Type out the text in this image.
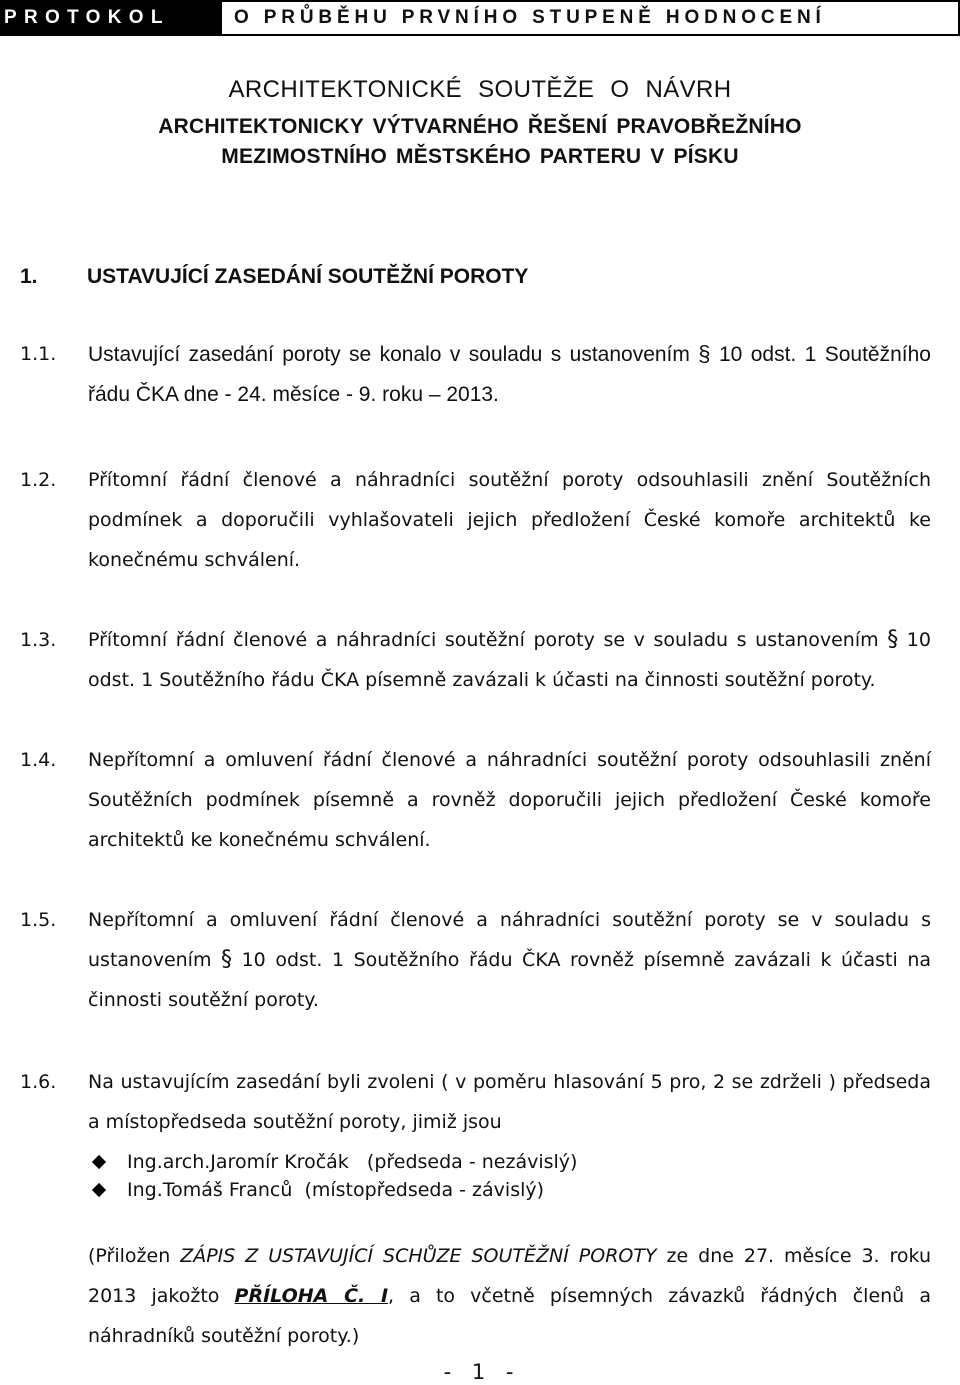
PROTOKOL	O PRŮBĚHU PRVNÍHO STUPENĚ HODNOCENÍ
ARCHITEKTONICKÉ SOUTĚŽE O NÁVRH
ARCHITEKTONICKY VÝTVARNÉHO ŘEŠENÍ PRAVOBŘEŽNÍHO
MEZIMOSTNÍHO MĚSTSKÉHO PARTERU V PÍSKU
1.	USTAVUJÍCÍ ZASEDÁNÍ SOUTĚŽNÍ POROTY
1.1.	Ustavující zasedání poroty se konalo v souladu s ustanovením § 10 odst. 1 Soutěžního řádu ČKA dne - 24. měsíce - 9. roku – 2013.
1.2.	Přítomní řádní členové a náhradníci soutěžní poroty odsouhlasili znění Soutěžních podmínek a doporučili vyhlašovateli jejich předložení České komoře architektů ke konečnému schválení.
1.3.	Přítomní řádní členové a náhradníci soutěžní poroty se v souladu s ustanovením § 10 odst. 1 Soutěžního řádu ČKA písemně zavázali k účasti na činnosti soutěžní poroty.
1.4.	Nepřítomní a omluvení řádní členové a náhradníci soutěžní poroty odsouhlasili znění Soutěžních podmínek písemně a rovněž doporučili jejich předložení České komoře architektů ke konečnému schválení.
1.5.	Nepřítomní a omluvení řádní členové a náhradníci soutěžní poroty se v souladu s ustanovením § 10 odst. 1 Soutěžního řádu ČKA rovněž písemně zavázali k účasti na činnosti soutěžní poroty.
1.6.	Na ustavujícím zasedání byli zvoleni ( v poměru hlasování 5 pro, 2 se zdrželi ) předseda a místopředseda soutěžní poroty, jimiž jsou
Ing.arch.Jaromír Kročák   (předseda - nezávislý)
Ing.Tomáš Franců  (místopředseda - závislý)
(Přiložen ZÁPIS Z USTAVUJÍCÍ SCHŮZE SOUTĚŽNÍ POROTY ze dne 27. měsíce 3. roku 2013 jakožto PŘÍLOHA Č. I, a to včetně písemných závazků řádných členů a náhradníků soutěžní poroty.)
- 1 -
